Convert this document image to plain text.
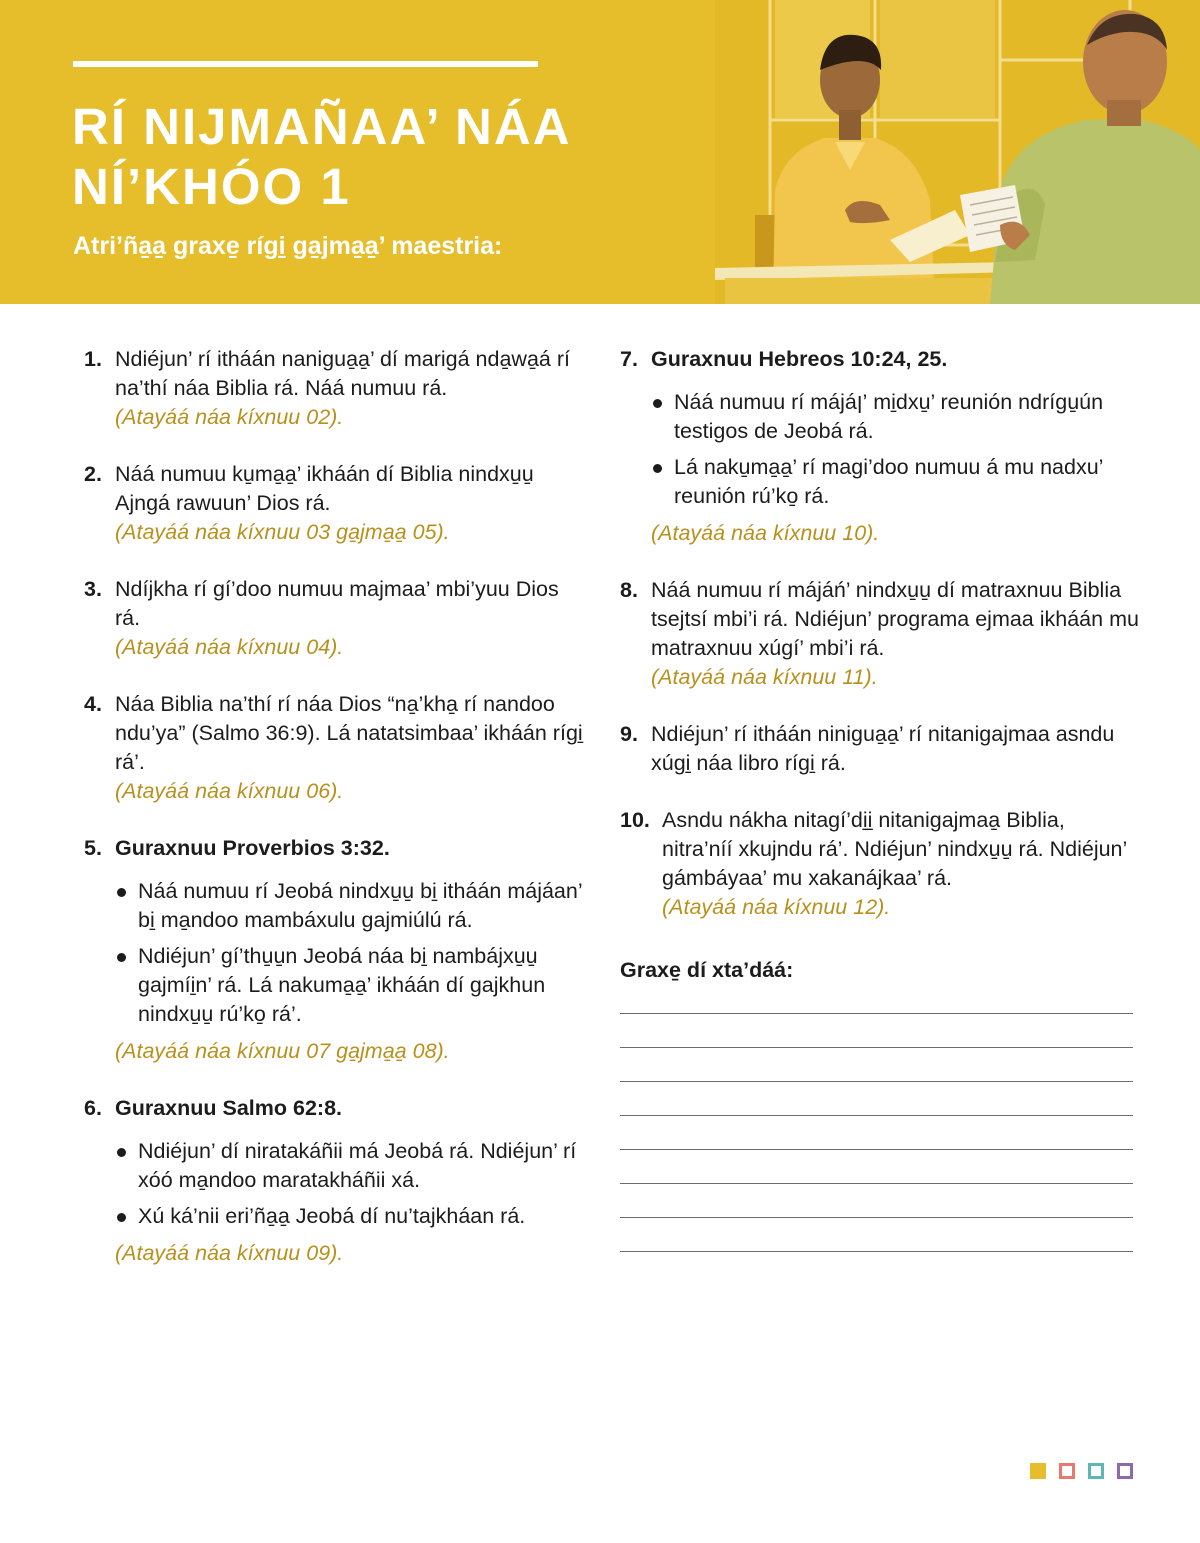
RÍ NIJMAÑAA’ NÁA NÍ’KHÓO 1

Atri’ña̱a̱ graxe̱ rígi̱ ga̱jma̱a̱’ maestria:

1. Ndiéjun’ rí itháán nanigua̱a̱’ dí marigá nda̱wa̱á rí na’thí náa Biblia rá. Náá numuu rá.
(Atayáá náa kíxnuu 02).
2. Náá numuu ku̱ma̱a̱’ ikháán dí Biblia nindxu̱u̱ Ajngá rawuun’ Dios rá.
(Atayáá náa kíxnuu 03 ga̱jma̱a̱ 05).
3. Ndíjkha rí gí’doo numuu majmaa’ mbi’yuu Dios rá.
(Atayáá náa kíxnuu 04).
4. Náa Biblia na’thí rí náa Dios “na̱’kha̱ rí nandoo ndu’ya” (Salmo 36:9). Lá natatsimbaa’ ikháán rígi̱ rá’.
(Atayáá náa kíxnuu 06).
5. Guraxnuu Proverbios 3:32.
Náá numuu rí Jeobá nindxu̱u̱ bi̱ itháán májáan’ bi̱ ma̱ndoo mambáxulu gajmiúlú rá.
Ndiéjun’ gí’thu̱u̱n Jeobá náa bi̱ nambájxu̱u̱ gajmíi̱n’ rá. Lá nakuma̱a̱’ ikháán dí gajkhun nindxu̱u̱ rú’ko̱ rá’.
(Atayáá náa kíxnuu 07 ga̱jma̱a̱ 08).
6. Guraxnuu Salmo 62:8.
Ndiéjun’ dí niratakáñii má Jeobá rá. Ndiéjun’ rí xóó ma̱ndoo maratakháñii xá.
Xú ká’nii eri’ña̱a̱ Jeobá dí nu’tajkháan rá.
(Atayáá náa kíxnuu 09).
7. Guraxnuu Hebreos 10:24, 25.
Náá numuu rí májáן’ mi̱dxu̱’ reunión ndrígu̱ún testigos de Jeobá rá.
Lá naku̱ma̱a̱’ rí magi’doo numuu á mu nadxu’ reunión rú’ko̱ rá.
(Atayáá náa kíxnuu 10).
8. Náá numuu rí májáń’ nindxu̱u̱ dí matraxnuu Biblia tsejtsí mbi’i rá. Ndiéjun’ programa ejmaa ikháán mu matraxnuu xúgí’ mbi’i rá.
(Atayáá náa kíxnuu 11).
9. Ndiéjun’ rí itháán ninigua̱a̱’ rí nitanigajmaa asndu xúgi̱ náa libro rígi̱ rá.
10. Asndu nákha nitagí’di̱i̱ nitanigajmaa̱ Biblia, nitra’níí xkujndu rá’. Ndiéjun’ nindxu̱u̱ rá. Ndiéjun’ gámbáyaa’ mu xakanájkaa’ rá.
(Atayáá náa kíxnuu 12).

Graxe̱ dí xta’dáá:
